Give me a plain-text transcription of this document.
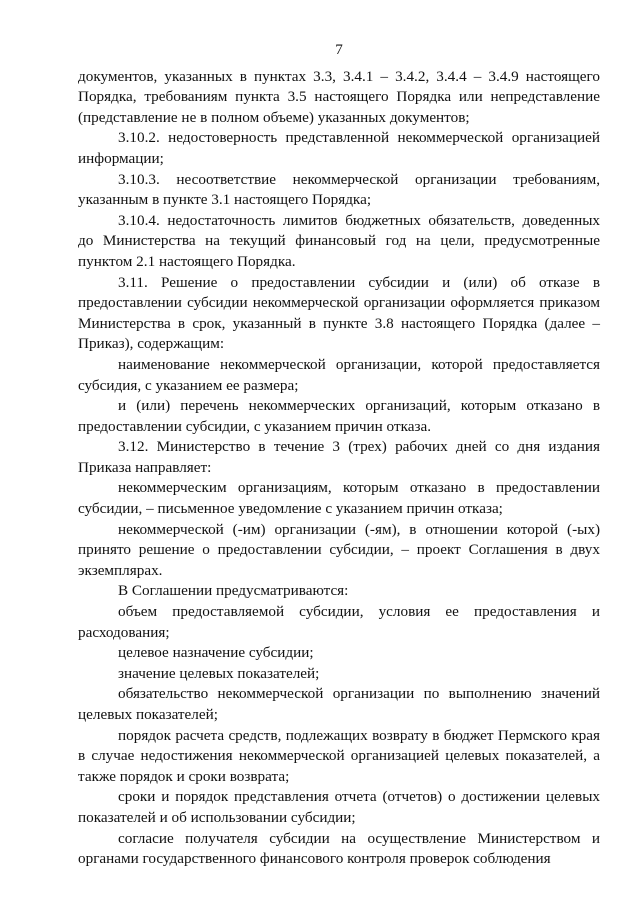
7

документов, указанных в пунктах 3.3, 3.4.1 – 3.4.2, 3.4.4 – 3.4.9 настоящего Порядка, требованиям пункта 3.5 настоящего Порядка или непредставление (представление не в полном объеме) указанных документов;

3.10.2. недостоверность представленной некоммерческой организацией информации;

3.10.3. несоответствие некоммерческой организации требованиям, указанным в пункте 3.1 настоящего Порядка;

3.10.4. недостаточность лимитов бюджетных обязательств, доведенных до Министерства на текущий финансовый год на цели, предусмотренные пунктом 2.1 настоящего Порядка.

3.11. Решение о предоставлении субсидии и (или) об отказе в предоставлении субсидии некоммерческой организации оформляется приказом Министерства в срок, указанный в пункте 3.8 настоящего Порядка (далее – Приказ), содержащим:

наименование некоммерческой организации, которой предоставляется субсидия, с указанием ее размера;

и (или) перечень некоммерческих организаций, которым отказано в предоставлении субсидии, с указанием причин отказа.

3.12. Министерство в течение 3 (трех) рабочих дней со дня издания Приказа направляет:

некоммерческим организациям, которым отказано в предоставлении субсидии, – письменное уведомление с указанием причин отказа;

некоммерческой (-им) организации (-ям), в отношении которой (-ых) принято решение о предоставлении субсидии, – проект Соглашения в двух экземплярах.

В Соглашении предусматриваются:

объем предоставляемой субсидии, условия ее предоставления и расходования;

целевое назначение субсидии;

значение целевых показателей;

обязательство некоммерческой организации по выполнению значений целевых показателей;

порядок расчета средств, подлежащих возврату в бюджет Пермского края в случае недостижения некоммерческой организацией целевых показателей, а также порядок и сроки возврата;

сроки и порядок представления отчета (отчетов) о достижении целевых показателей и об использовании субсидии;

согласие получателя субсидии на осуществление Министерством и органами государственного финансового контроля проверок соблюдения
